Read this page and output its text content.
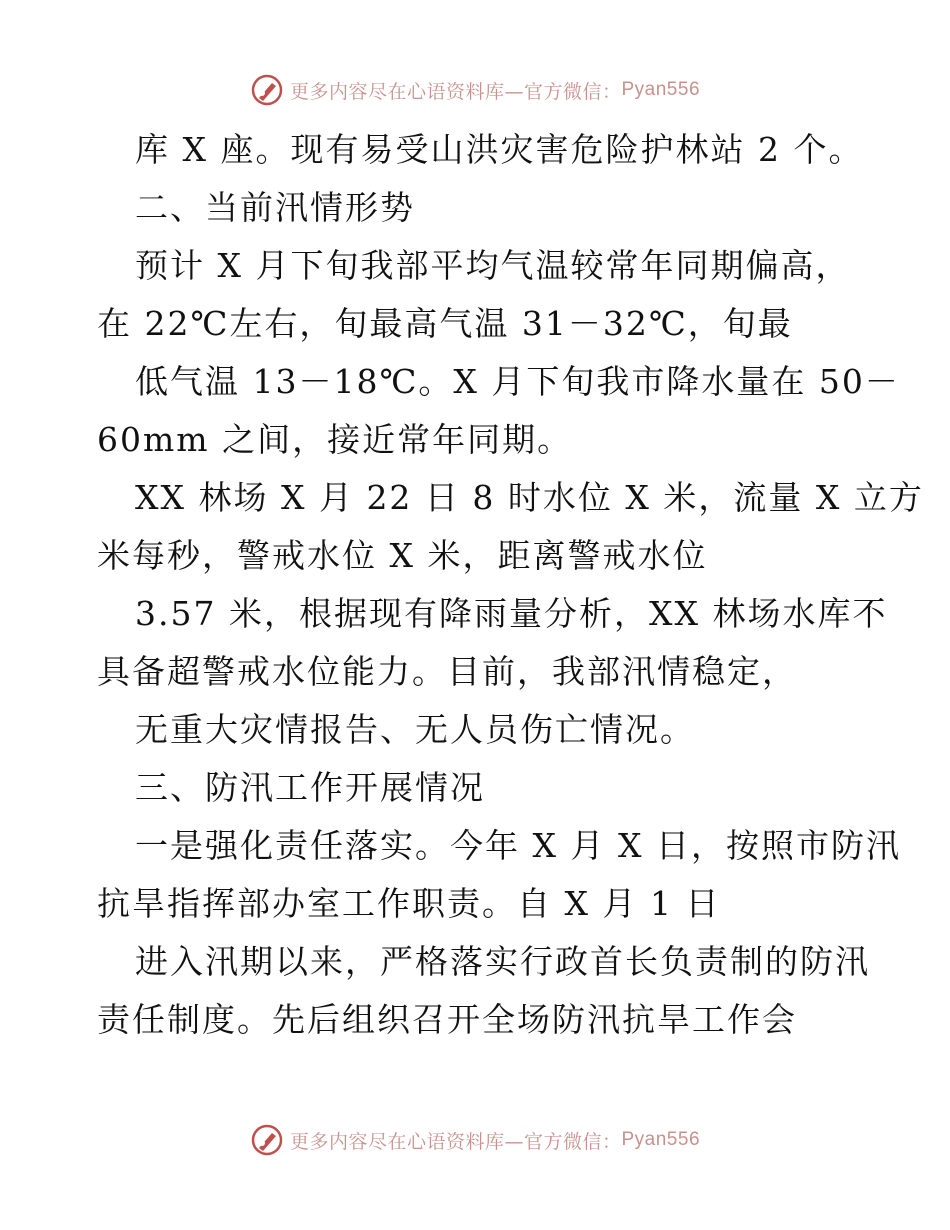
更多内容尽在心语资料库—官方微信： Pyan556
库 X 座。现有易受山洪灾害危险护林站 2 个。
二、当前汛情形势
预计 X 月下旬我部平均气温较常年同期偏高，
在 22℃左右，旬最高气温 31－32℃，旬最
低气温 13－18℃。X 月下旬我市降水量在 50－
60mm 之间，接近常年同期。
XX 林场 X 月 22 日 8 时水位 X 米，流量 X 立方
米每秒，警戒水位 X 米，距离警戒水位
3.57 米，根据现有降雨量分析，XX 林场水库不
具备超警戒水位能力。目前，我部汛情稳定，
无重大灾情报告、无人员伤亡情况。
三、防汛工作开展情况
一是强化责任落实。今年 X 月 X 日，按照市防汛
抗旱指挥部办室工作职责。自 X 月 1 日
进入汛期以来，严格落实行政首长负责制的防汛
责任制度。先后组织召开全场防汛抗旱工作会
更多内容尽在心语资料库—官方微信： Pyan556
